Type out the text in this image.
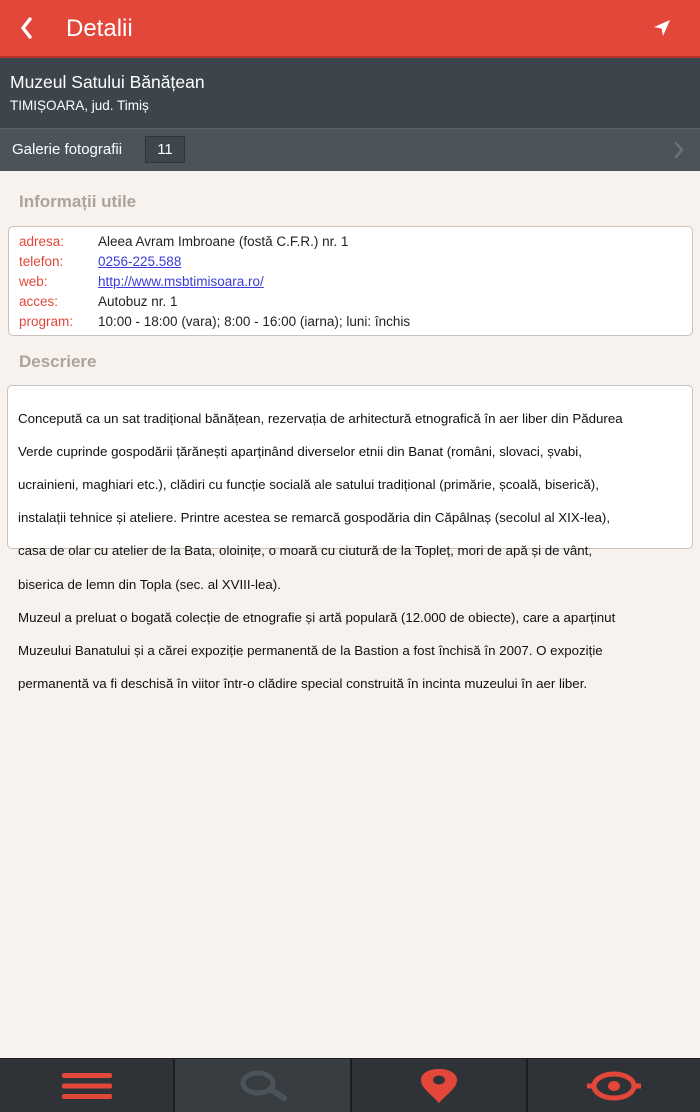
Detalii
Muzeul Satului Bănățean
TIMIȘOARA, jud. Timiș
Galerie fotografii	11
Informații utile
adresa:	Aleea Avram Imbroane (fostă C.F.R.) nr. 1
telefon:	0256-225.588
web:	http://www.msbtimisoara.ro/
acces:	Autobuz nr. 1
program: 10:00 - 18:00 (vara); 8:00 - 16:00 (iarna); luni: închis
Descriere

Concepută ca un sat tradițional bănățean, rezervația de arhitectură etnografică în aer liber din Pădurea

Verde cuprinde gospodării țărănești aparținând diverselor etnii din Banat (români, slovaci, șvabi,

ucrainieni, maghiari etc.), clădiri cu funcție socială ale satului tradițional (primărie, școală, biserică),

instalații tehnice și ateliere. Printre acestea se remarcă gospodăria din Căpâlnaș (secolul al XIX-lea),

casa de olar cu atelier de la Bata, oloinițe, o moară cu ciutură de la Topleț, mori de apă și de vânt,

biserica de lemn din Topla (sec. al XVIII-lea).

Muzeul a preluat o bogată colecție de etnografie și artă populară (12.000 de obiecte), care a aparținut

Muzeului Banatului și a cărei expoziție permanentă de la Bastion a fost închisă în 2007. O expoziție

permanentă va fi deschisă în viitor într-o clădire special construită în incinta muzeului în aer liber.
